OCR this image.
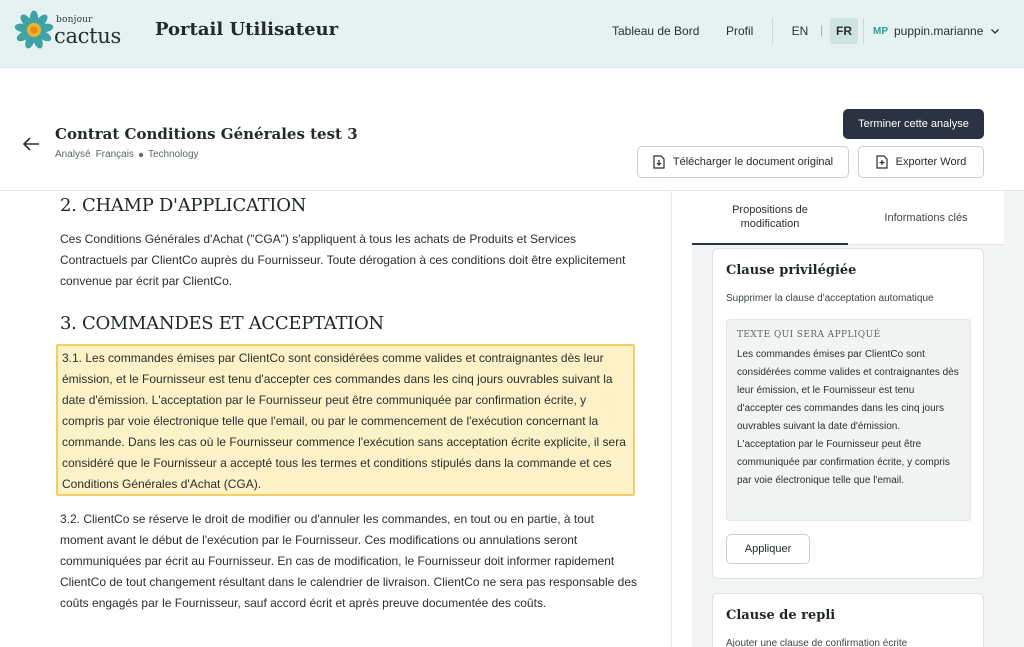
bonjour
cactus Portail Utilisateur	Tableau de Bord Profil	EN |	FR	MP puppin.marianne
Contrat Conditions Générales test 3
Analysé Français Technology
Terminer cette analyse
Télécharger le document original	Exporter Word
2. CHAMP D'APPLICATION

Ces Conditions Générales d'Achat ("CGA") s'appliquent à tous les achats de Produits et Services Contractuels par ClientCo auprès du Fournisseur. Toute dérogation à ces conditions doit être explicitement convenue par écrit par ClientCo.

3. COMMANDES ET ACCEPTATION
3.1. Les commandes émises par ClientCo sont considérées comme valides et contraignantes dès leur émission, et le Fournisseur est tenu d'accepter ces commandes dans les cinq jours ouvrables suivant la date d'émission. L'acceptation par le Fournisseur peut être communiquée par confirmation écrite, y compris par voie électronique telle que l'email, ou par le commencement de l'exécution concernant la commande. Dans les cas où le Fournisseur commence l'exécution sans acceptation écrite explicite, il sera considéré que le Fournisseur a accepté tous les termes et conditions stipulés dans la commande et ces Conditions Générales d'Achat (CGA).

3.2. ClientCo se réserve le droit de modifier ou d'annuler les commandes, en tout ou en partie, à tout moment avant le début de l'exécution par le Fournisseur. Ces modifications ou annulations seront communiquées par écrit au Fournisseur. En cas de modification, le Fournisseur doit informer rapidement ClientCo de tout changement résultant dans le calendrier de livraison. ClientCo ne sera pas responsable des coûts engagés par le Fournisseur, sauf accord écrit et après preuve documentée des coûts.

Propositions de modification	Informations clés
Clause privilégiée
Supprimer la clause d'acceptation automatique
TEXTE QUI SERA APPLIQUÉ
Les commandes émises par ClientCo sont considérées comme valides et contraignantes dès leur émission, et le Fournisseur est tenu d'accepter ces commandes dans les cinq jours ouvrables suivant la date d'émission. L'acceptation par le Fournisseur peut être communiquée par confirmation écrite, y compris par voie électronique telle que l'email.
Appliquer
Clause de repli
Ajouter une clause de confirmation écrite
